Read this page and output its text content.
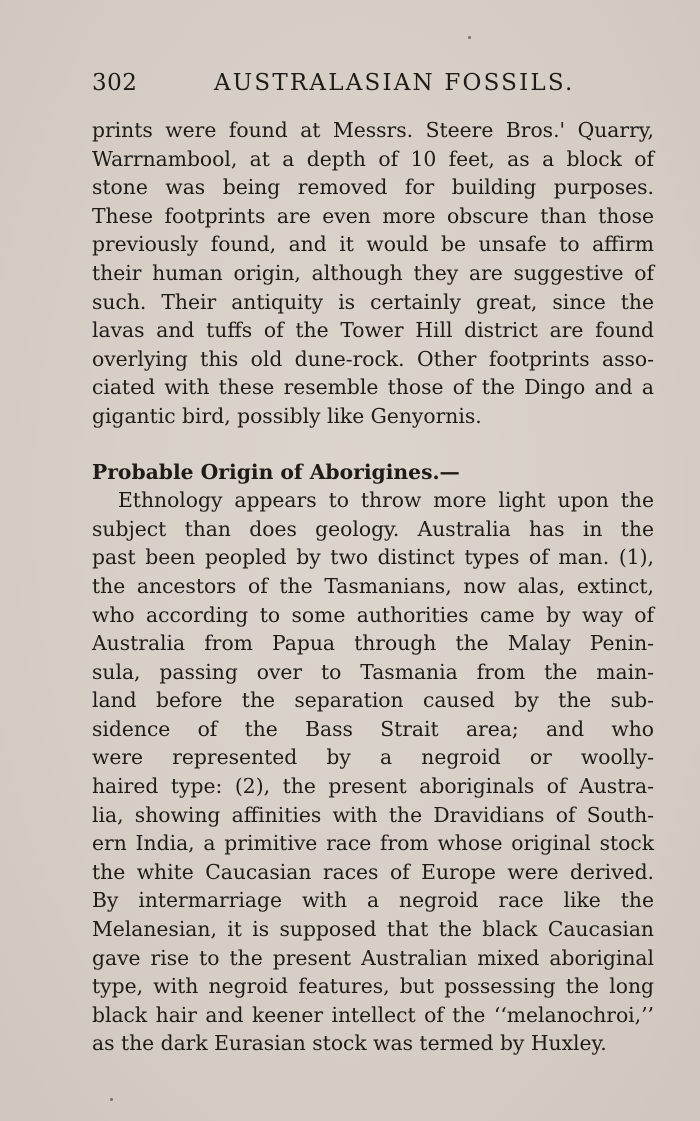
302	AUSTRALASIAN FOSSILS.
prints were found at Messrs. Steere Bros.' Quarry,
Warrnambool, at a depth of 10 feet, as a block of
stone was being removed for building purposes.
These footprints are even more obscure than those
previously found, and it would be unsafe to affirm
their human origin, although they are suggestive of
such. Their antiquity is certainly great, since the
lavas and tuffs of the Tower Hill district are found
overlying this old dune-rock. Other footprints asso-
ciated with these resemble those of the Dingo and a
gigantic bird, possibly like Genyornis.
Probable Origin of Aborigines.—
Ethnology appears to throw more light upon the
subject than does geology. Australia has in the
past been peopled by two distinct types of man. (1),
the ancestors of the Tasmanians, now alas, extinct,
who according to some authorities came by way of
Australia from Papua through the Malay Penin-
sula, passing over to Tasmania from the main-
land before the separation caused by the sub-
sidence of the Bass Strait area; and who
were represented by a negroid or woolly-
haired type: (2), the present aboriginals of Austra-
lia, showing affinities with the Dravidians of South-
ern India, a primitive race from whose original stock
the white Caucasian races of Europe were derived.
By intermarriage with a negroid race like the
Melanesian, it is supposed that the black Caucasian
gave rise to the present Australian mixed aboriginal
type, with negroid features, but possessing the long
black hair and keener intellect of the ‘‘melanochroi,’’
as the dark Eurasian stock was termed by Huxley.
